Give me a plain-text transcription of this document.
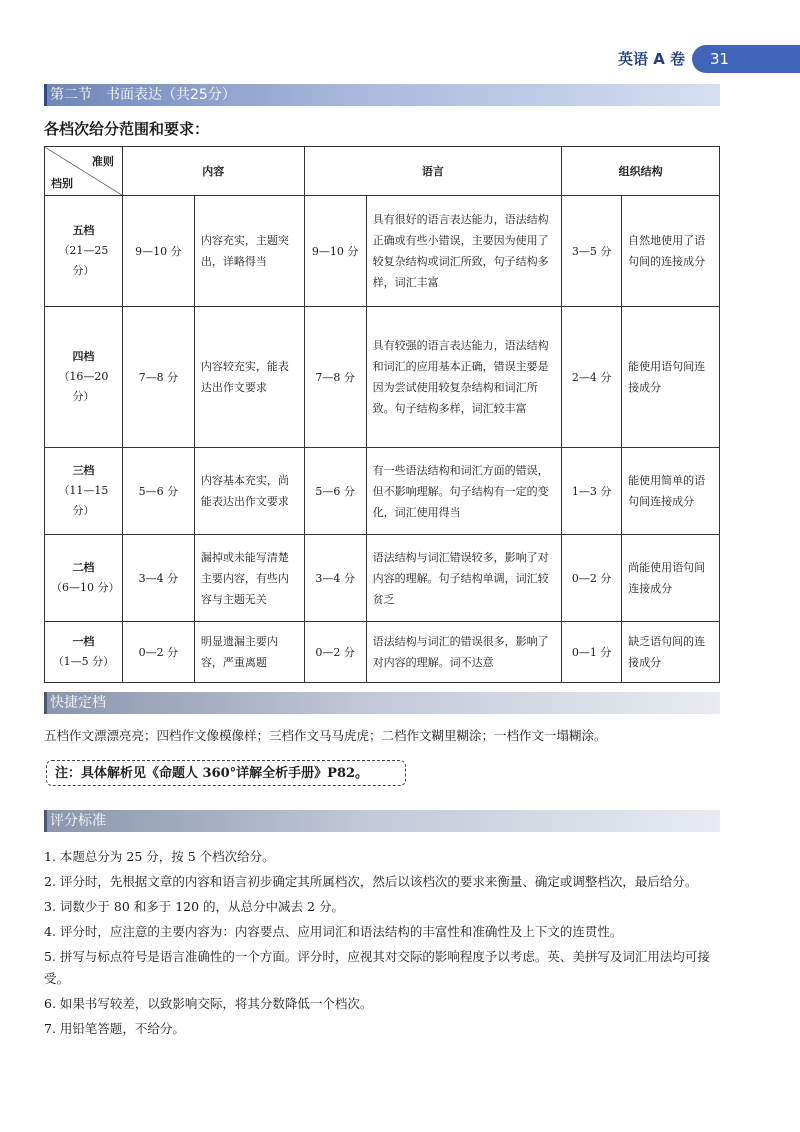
英语 A 卷 31
第二节 书面表达（共25分）
各档次给分范围和要求：
准则
档别	内容		语言		组织结构	

五档
（21—25 分）	9—10 分	内容充实，主题突出，详略得当	9—10 分	具有很好的语言表达能力，语法结构正确或有些小错误，主要因为使用了较复杂结构或词汇所致，句子结构多样，词汇丰富	3—5 分	自然地使用了语句间的连接成分

四档
（16—20 分）	7—8 分	内容较充实，能表达出作文要求	7—8 分	具有较强的语言表达能力，语法结构和词汇的应用基本正确，错误主要是因为尝试使用较复杂结构和词汇所致。句子结构多样，词汇较丰富	2—4 分	能使用语句间连接成分

三档
（11—15 分）	5—6 分	内容基本充实，尚能表达出作文要求	5—6 分	有一些语法结构和词汇方面的错误，但不影响理解。句子结构有一定的变化，词汇使用得当	1—3 分	能使用简单的语句间连接成分

二档
（6—10 分）	3—4 分	漏掉或未能写清楚主要内容，有些内容与主题无关	3—4 分	语法结构与词汇错误较多，影响了对内容的理解。句子结构单调，词汇较贫乏	0—2 分	尚能使用语句间连接成分

一档
（1—5 分）	0—2 分	明显遗漏主要内容，严重离题	0—2 分	语法结构与词汇的错误很多，影响了对内容的理解。词不达意	0—1 分	缺乏语句间的连接成分
快捷定档
五档作文漂漂亮亮；四档作文像模像样；三档作文马马虎虎；二档作文糊里糊涂；一档作文一塌糊涂。
注：具体解析见《命题人 360°详解全析手册》P82。
评分标准
1. 本题总分为 25 分，按 5 个档次给分。
2. 评分时，先根据文章的内容和语言初步确定其所属档次，然后以该档次的要求来衡量、确定或调整档次，最后给分。
3. 词数少于 80 和多于 120 的，从总分中减去 2 分。
4. 评分时，应注意的主要内容为：内容要点、应用词汇和语法结构的丰富性和准确性及上下文的连贯性。
5. 拼写与标点符号是语言准确性的一个方面。评分时，应视其对交际的影响程度予以考虑。英、美拼写及词汇用法均可接受。
6. 如果书写较差，以致影响交际，将其分数降低一个档次。
7. 用铅笔答题，不给分。
